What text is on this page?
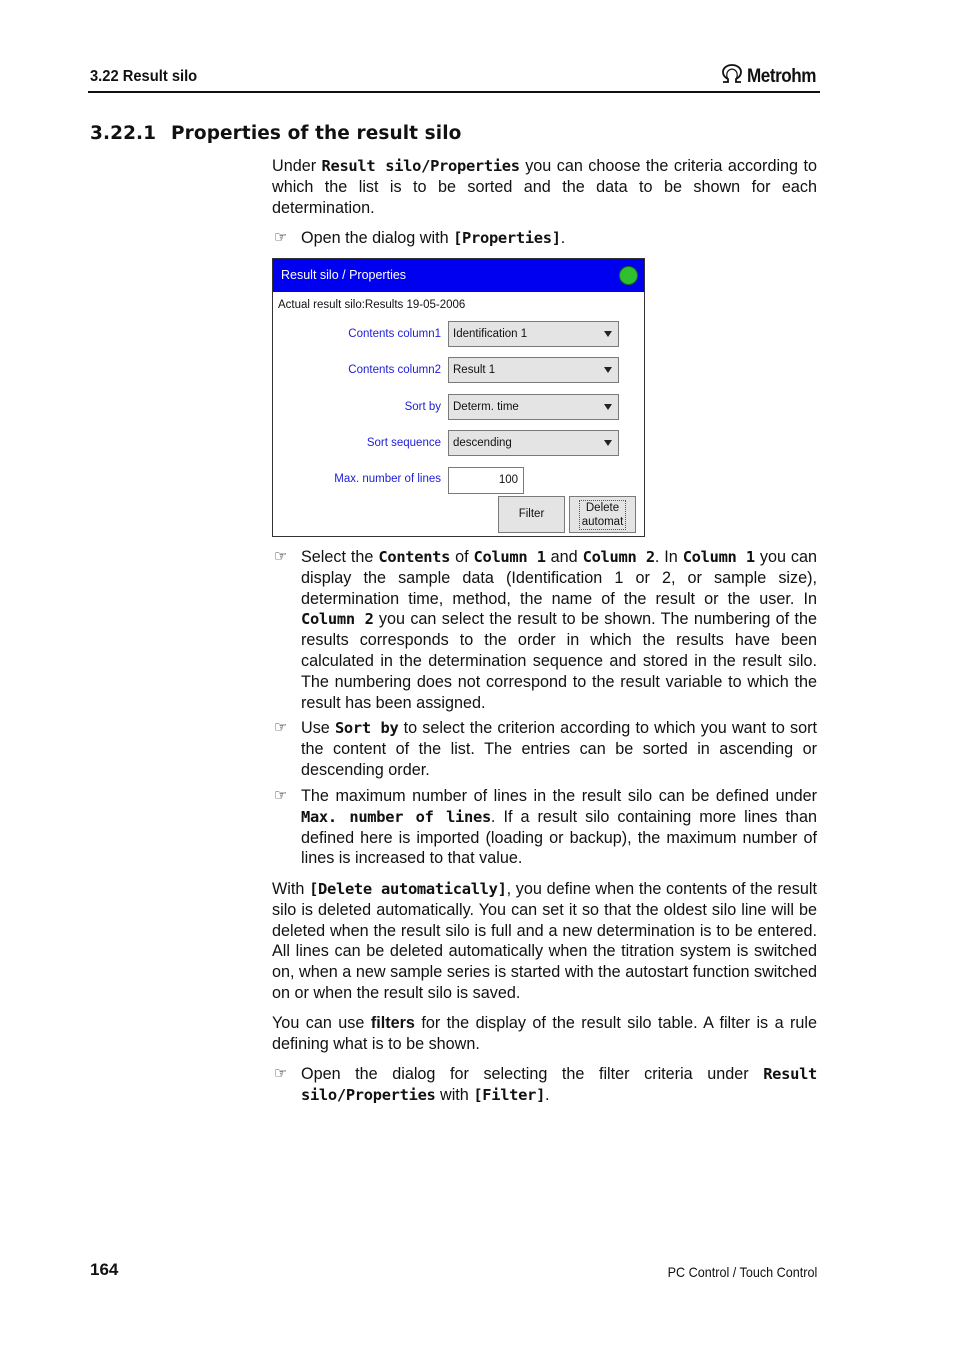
3.22 Result silo	Metrohm
3.22.1 Properties of the result silo
Under Result silo/Properties you can choose the criteria according to which the list is to be sorted and the data to be shown for each determination.
☞ Open the dialog with [Properties].
Result silo / Properties
Actual result silo:Results 19-05-2006
Contents column1 Identification 1
Contents column2 Result 1
Sort by Determ. time
Sort sequence descending
Max. number of lines	100
Filter	Delete
automat
☞ Select the Contents of Column 1 and Column 2. In Column 1 you can display the sample data (Identification 1 or 2, or sample size), determination time, method, the name of the result or the user. In Column 2 you can select the result to be shown. The numbering of the results corresponds to the order in which the results have been calculated in the determination sequence and stored in the result silo. The numbering does not correspond to the result variable to which the result has been assigned.
☞ Use Sort by to select the criterion according to which you want to sort the content of the list. The entries can be sorted in ascending or descending order.
☞ The maximum number of lines in the result silo can be defined under Max. number of lines. If a result silo containing more lines than defined here is imported (loading or backup), the maximum number of lines is increased to that value.
With [Delete automatically], you define when the contents of the result silo is deleted automatically. You can set it so that the oldest silo line will be deleted when the result silo is full and a new determination is to be entered. All lines can be deleted automatically when the titration system is switched on, when a new sample series is started with the autostart function switched on or when the result silo is saved.
You can use filters for the display of the result silo table. A filter is a rule defining what is to be shown.
☞ Open the dialog for selecting the filter criteria under Result silo/Properties with [Filter].
164	PC Control / Touch Control
